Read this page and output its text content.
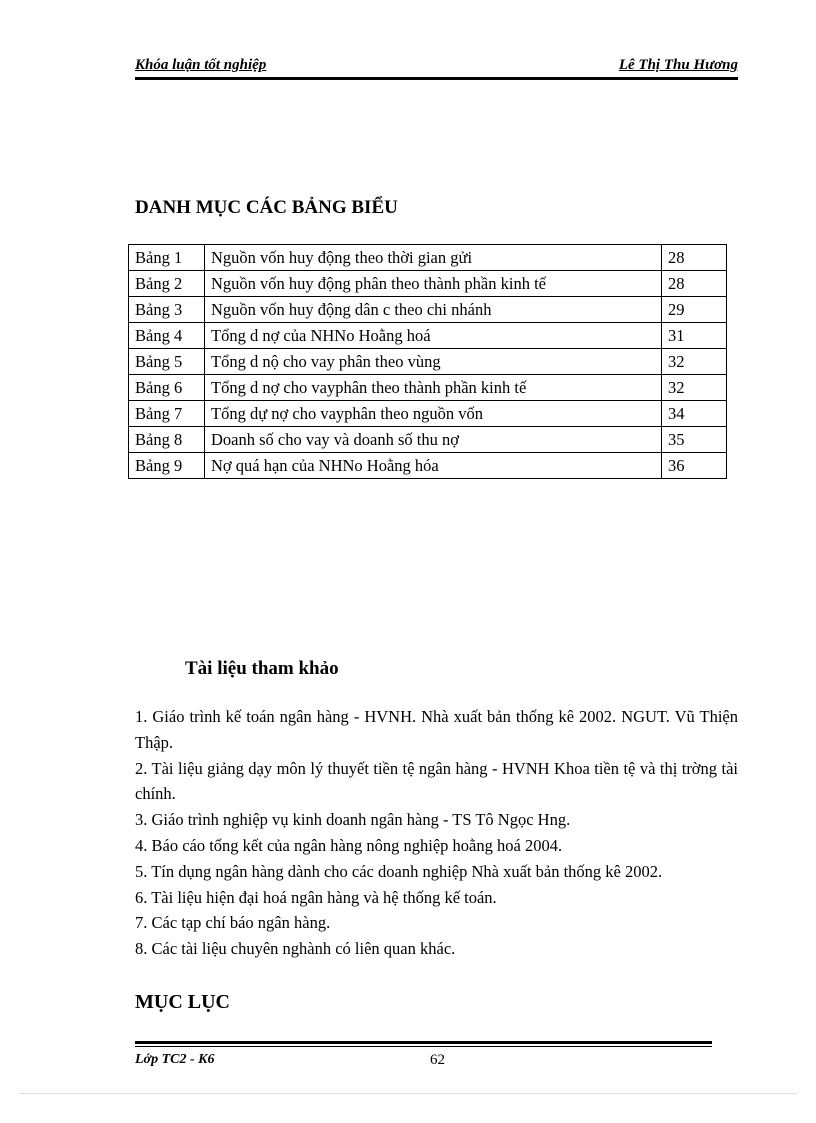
Khóa luận tốt nghiệp	Lê Thị Thu Hương
DANH MỤC CÁC BẢNG BIỂU
Bảng 1	Nguồn vốn huy động theo thời gian gửi	28
Bảng 2	Nguồn vốn huy động phân theo thành phần kinh tế	28
Bảng 3	Nguồn vốn huy động dân c theo chi nhánh	29
Bảng 4	Tổng d nợ của NHNo Hoằng hoá	31
Bảng 5	Tổng d nộ cho vay phân theo vùng	32
Bảng 6	Tổng d nợ cho vayphân theo thành phần kinh tế	32
Bảng 7	Tổng dự nợ cho vayphân theo nguồn vốn	34
Bảng 8	Doanh số cho vay và doanh số thu nợ	35
Bảng 9	Nợ quá hạn của NHNo Hoằng hóa	36
Tài liệu tham khảo

1. Giáo trình kế toán ngân hàng - HVNH. Nhà xuất bản thống kê 2002. NGUT. Vũ Thiện Thập.

2. Tài liệu giảng dạy môn lý thuyết tiền tệ ngân hàng - HVNH Khoa tiền tệ và thị trờng tài chính.

3. Giáo trình nghiệp vụ kinh doanh ngân hàng - TS Tô Ngọc Hng.

4. Báo cáo tổng kết của ngân hàng nông nghiệp hoằng hoá 2004.

5. Tín dụng ngân hàng dành cho các doanh nghiệp Nhà xuất bản thống kê 2002.

6. Tài liệu hiện đại hoá ngân hàng và hệ thống kế toán.

7. Các tạp chí báo ngân hàng.

8. Các tài liệu chuyên nghành có liên quan khác.

MỤC LỤC
Lớp TC2 - K6	62
